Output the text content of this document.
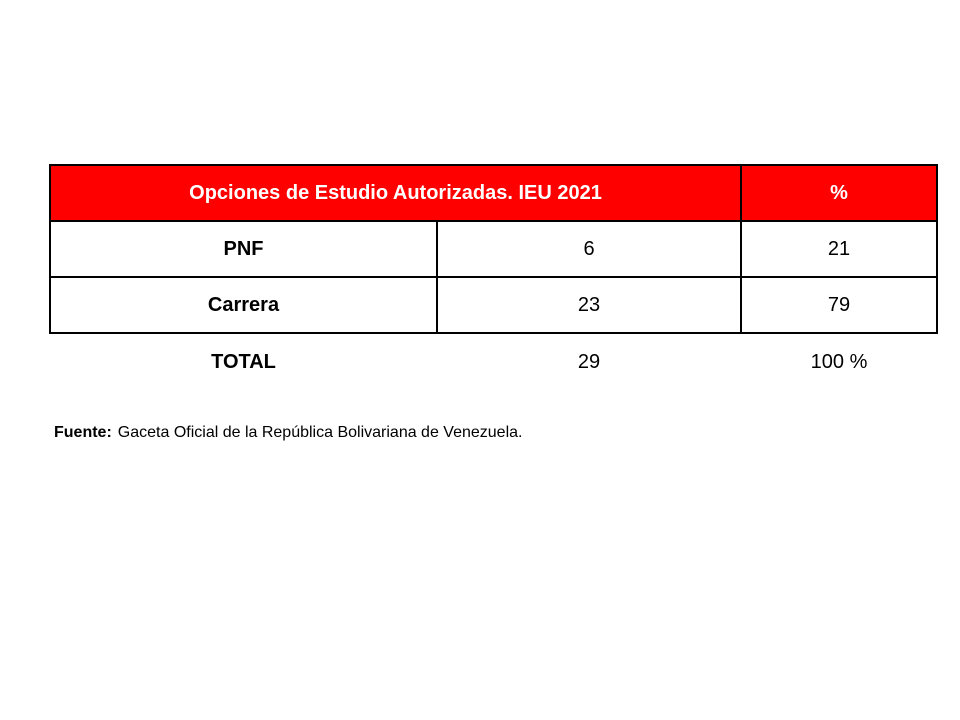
Opciones de Estudio Autorizadas. IEU 2021		%
PNF	6	21
Carrera	23	79
TOTAL	29	100 %
Fuente: Gaceta Oficial de la República Bolivariana de Venezuela.
